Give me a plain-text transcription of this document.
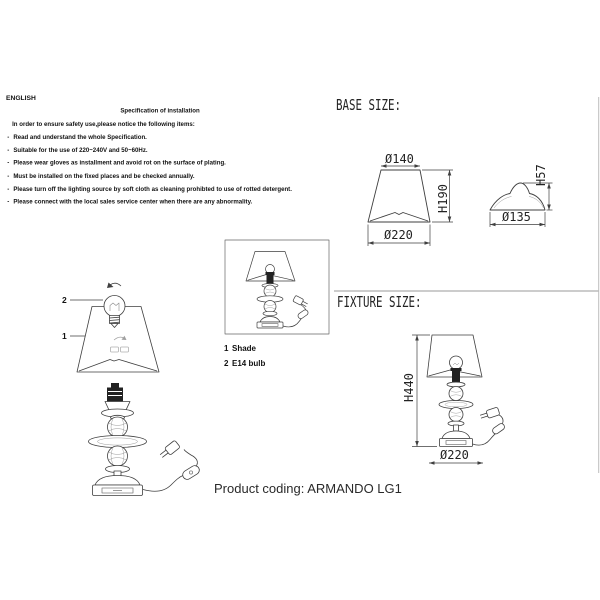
ENGLISH
Specification of installation
In order to ensure safety use,please notice the following items:
- Read and understand the whole Specification.
- Suitable for the use of 220~240V and 50~60Hz.
- Please wear gloves as installment and avoid rot on the surface of plating.
- Must be installed on the fixed places and be checked annually.
- Please turn off the lighting source by soft cloth as cleaning prohibted to use of rotted detergent.
- Please connect with the local sales service center when there are any abnormality.
2
1
1 Shade
2 E14 bulb
BASE SIZE:
FIXTURE SIZE:
Ø140
H190
Ø220
Ø135
H57
H440
Ø220
Product coding: ARMANDO LG1
